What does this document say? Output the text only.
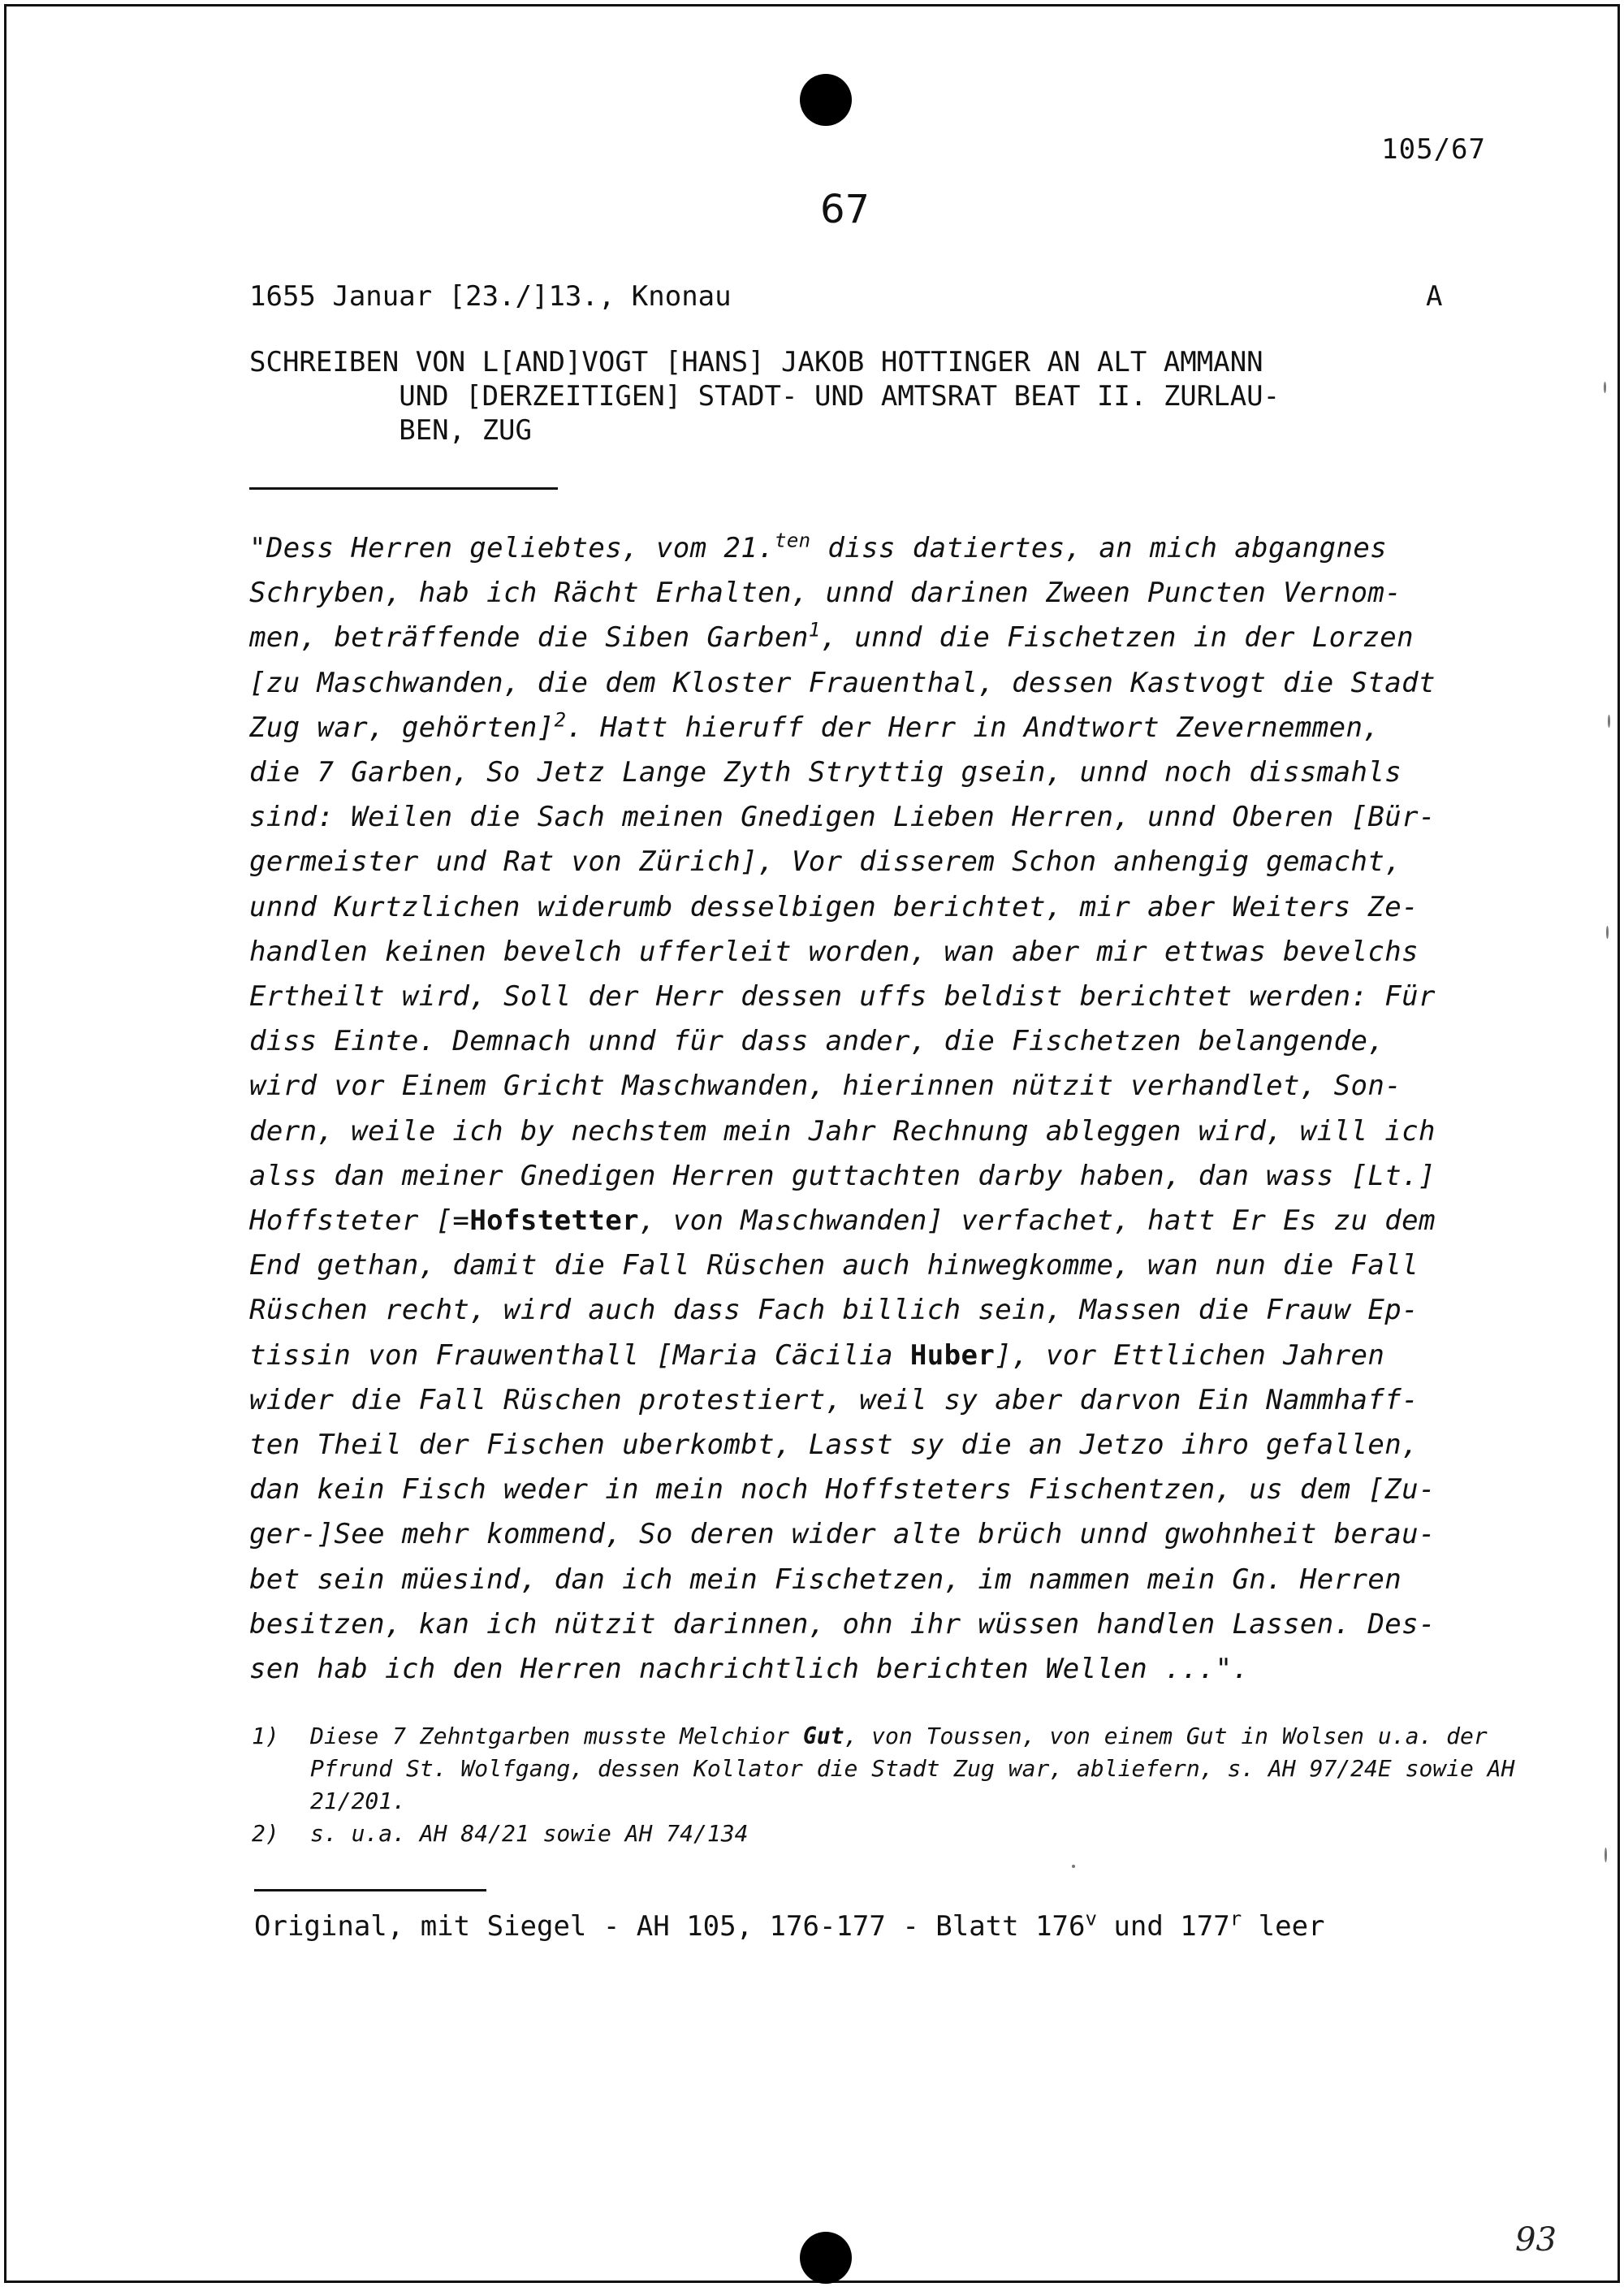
105/67
67
1655 Januar [23./]13., Knonau	A
SCHREIBEN VON L[AND]VOGT [HANS] JAKOB HOTTINGER AN ALT AMMANN
UND [DERZEITIGEN] STADT- UND AMTSRAT BEAT II. ZURLAU-
BEN, ZUG
"Dess Herren geliebtes, vom 21.$^{ten}$ diss datiertes, an mich abgangnes
Schryben, hab ich Rächt Erhalten, unnd darinen Zween Puncten Vernom-
men, beträffende die Siben Garben$^1$, unnd die Fischetzen in der Lorzen
[zu Maschwanden, die dem Kloster Frauenthal, dessen Kastvogt die Stadt
Zug war, gehörten]$^2$. Hatt hieruff der Herr in Andtwort Zevernemmen,
die 7 Garben, So Jetz Lange Zyth Stryttig gsein, unnd noch dissmahls
sind: Weilen die Sach meinen Gnedigen Lieben Herren, unnd Oberen [Bür-
germeister und Rat von Zürich], Vor disserem Schon anhengig gemacht,
unnd Kurtzlichen widerumb desselbigen berichtet, mir aber Weiters Ze-
handlen keinen bevelch ufferleit worden, wan aber mir ettwas bevelchs
Ertheilt wird, Soll der Herr dessen uffs beldist berichtet werden: Für
diss Einte. Demnach unnd für dass ander, die Fischetzen belangende,
wird vor Einem Gricht Maschwanden, hierinnen nützit verhandlet, Son-
dern, weile ich by nechstem mein Jahr Rechnung ableggen wird, will ich
alss dan meiner Gnedigen Herren guttachten darby haben, dan wass [Lt.]
Hoffsteter [=Hofstetter, von Maschwanden] verfachet, hatt Er Es zu dem
End gethan, damit die Fall Rüschen auch hinwegkomme, wan nun die Fall
Rüschen recht, wird auch dass Fach billich sein, Massen die Frauw Ep-
tissin von Frauwenthall [Maria Cäcilia Huber], vor Ettlichen Jahren
wider die Fall Rüschen protestiert, weil sy aber darvon Ein Nammhaff-
ten Theil der Fischen uberkombt, Lasst sy die an Jetzo ihro gefallen,
dan kein Fisch weder in mein noch Hoffsteters Fischentzen, us dem [Zu-
ger-]See mehr kommend, So deren wider alte brüch unnd gwohnheit berau-
bet sein müesind, dan ich mein Fischetzen, im nammen mein Gn. Herren
besitzen, kan ich nützit darinnen, ohn ihr wüssen handlen Lassen. Des-
sen hab ich den Herren nachrichtlich berichten Wellen ...".
1) Diese 7 Zehntgarben musste Melchior Gut, von Toussen, von einem Gut in Wolsen u.a. der Pfrund St. Wolfgang, dessen Kollator die Stadt Zug war, abliefern, s. AH 97/24E sowie AH 21/201.
2) s. u.a. AH 84/21 sowie AH 74/134
Original, mit Siegel - AH 105, 176-177 - Blatt 176$^v$ und 177$^r$ leer
93
